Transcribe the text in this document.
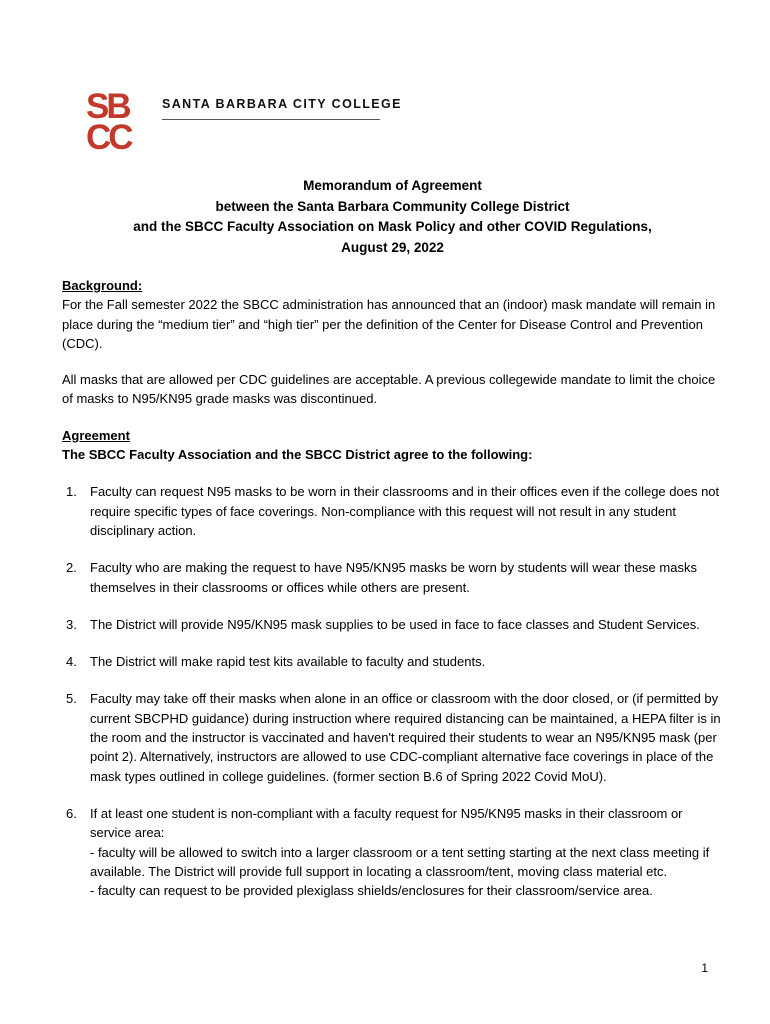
SB
CC
SANTA BARBARA CITY COLLEGE
Memorandum of Agreement
between the Santa Barbara Community College District
and the SBCC Faculty Association on Mask Policy and other COVID Regulations,
August 29, 2022
Background:
For the Fall semester 2022 the SBCC administration has announced that an (indoor) mask mandate will remain in place during the “medium tier” and “high tier” per the definition of the Center for Disease Control and Prevention (CDC).
All masks that are allowed per CDC guidelines are acceptable. A previous collegewide mandate to limit the choice of masks to N95/KN95 grade masks was discontinued.
Agreement
The SBCC Faculty Association and the SBCC District agree to the following:
1. Faculty can request N95 masks to be worn in their classrooms and in their offices even if the college does not require specific types of face coverings. Non-compliance with this request will not result in any student disciplinary action.
2. Faculty who are making the request to have N95/KN95 masks be worn by students will wear these masks themselves in their classrooms or offices while others are present.
3. The District will provide N95/KN95 mask supplies to be used in face to face classes and Student Services.
4. The District will make rapid test kits available to faculty and students.
5. Faculty may take off their masks when alone in an office or classroom with the door closed, or (if permitted by current SBCPHD guidance) during instruction where required distancing can be maintained, a HEPA filter is in the room and the instructor is vaccinated and haven't required their students to wear an N95/KN95 mask (per point 2). Alternatively, instructors are allowed to use CDC-compliant alternative face coverings in place of the mask types outlined in college guidelines. (former section B.6 of Spring 2022 Covid MoU).
6. If at least one student is non-compliant with a faculty request for N95/KN95 masks in their classroom or service area:
- faculty will be allowed to switch into a larger classroom or a tent setting starting at the next class meeting if available. The District will provide full support in locating a classroom/tent, moving class material etc.
- faculty can request to be provided plexiglass shields/enclosures for their classroom/service area.
1
